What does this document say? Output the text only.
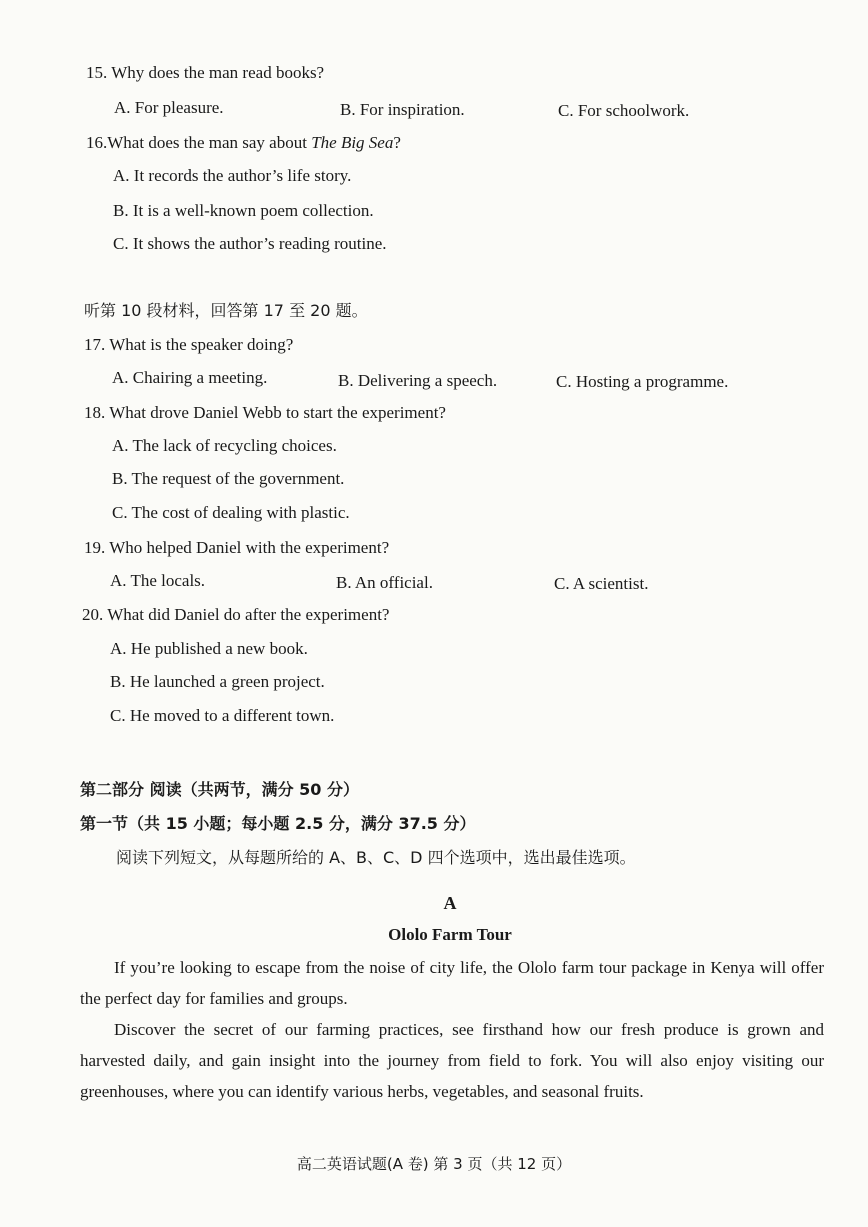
15. Why does the man read books?
A. For pleasure.	B. For inspiration.	C. For schoolwork.
16.What does the man say about The Big Sea?
A. It records the author’s life story.
B. It is a well-known poem collection.
C. It shows the author’s reading routine.
听第 10 段材料，回答第 17 至 20 题。
17. What is the speaker doing?
A. Chairing a meeting.	B. Delivering a speech.	C. Hosting a programme.
18. What drove Daniel Webb to start the experiment?
A. The lack of recycling choices.
B. The request of the government.
C. The cost of dealing with plastic.
19. Who helped Daniel with the experiment?
A. The locals.	B. An official.	C. A scientist.
20. What did Daniel do after the experiment?
A. He published a new book.
B. He launched a green project.
C. He moved to a different town.
第二部分 阅读（共两节，满分 50 分）
第一节（共 15 小题；每小题 2.5 分，满分 37.5 分）
阅读下列短文，从每题所给的 A、B、C、D 四个选项中，选出最佳选项。
A
Ololo Farm Tour

If you’re looking to escape from the noise of city life, the Ololo farm tour package in Kenya will offer the perfect day for families and groups.

Discover the secret of our farming practices, see firsthand how our fresh produce is grown and harvested daily, and gain insight into the journey from field to fork. You will also enjoy visiting our greenhouses, where you can identify various herbs, vegetables, and seasonal fruits.

高二英语试题(A 卷) 第 3 页（共 12 页）
